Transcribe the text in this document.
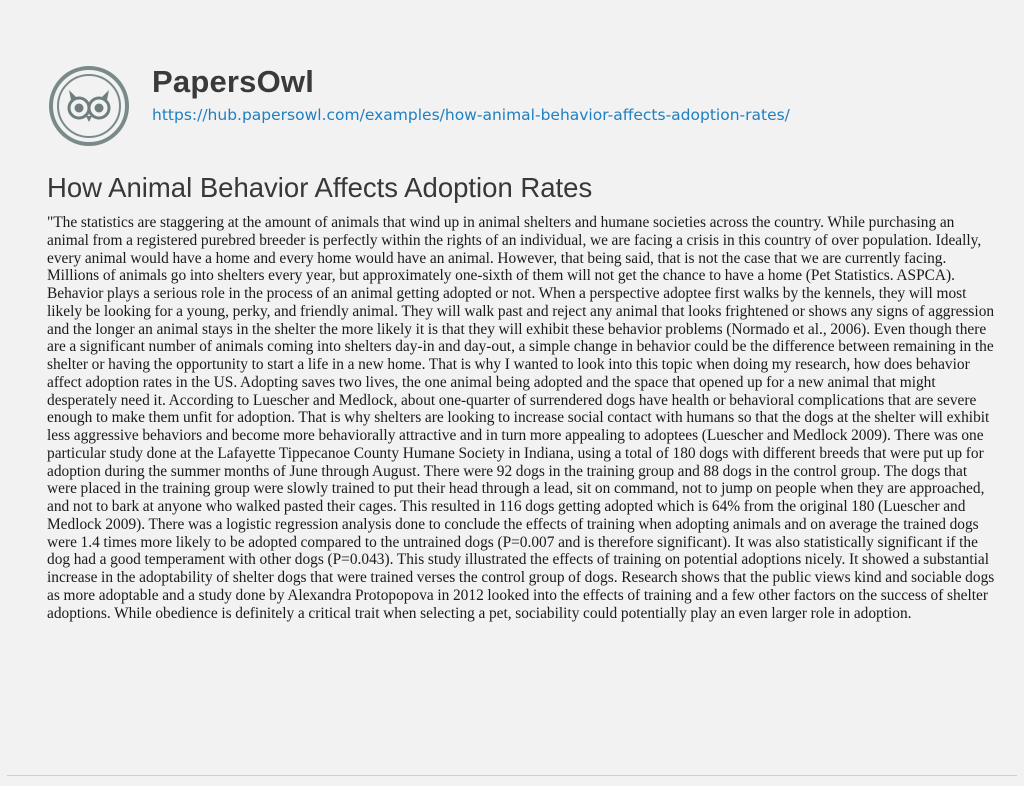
PapersOwl
https://hub.papersowl.com/examples/how-animal-behavior-affects-adoption-rates/
How Animal Behavior Affects Adoption Rates

"The statistics are staggering at the amount of animals that wind up in animal shelters and humane societies across the country. While purchasing an animal from a registered purebred breeder is perfectly within the rights of an individual, we are facing a crisis in this country of over population. Ideally, every animal would have a home and every home would have an animal. However, that being said, that is not the case that we are currently facing. Millions of animals go into shelters every year, but approximately one-sixth of them will not get the chance to have a home (Pet Statistics. ASPCA). Behavior plays a serious role in the process of an animal getting adopted or not. When a perspective adoptee first walks by the kennels, they will most likely be looking for a young, perky, and friendly animal. They will walk past and reject any animal that looks frightened or shows any signs of aggression and the longer an animal stays in the shelter the more likely it is that they will exhibit these behavior problems (Normado et al., 2006). Even though there are a significant number of animals coming into shelters day-in and day-out, a simple change in behavior could be the difference between remaining in the shelter or having the opportunity to start a life in a new home. That is why I wanted to look into this topic when doing my research, how does behavior affect adoption rates in the US. Adopting saves two lives, the one animal being adopted and the space that opened up for a new animal that might desperately need it. According to Luescher and Medlock, about one-quarter of surrendered dogs have health or behavioral complications that are severe enough to make them unfit for adoption. That is why shelters are looking to increase social contact with humans so that the dogs at the shelter will exhibit less aggressive behaviors and become more behaviorally attractive and in turn more appealing to adoptees (Luescher and Medlock 2009). There was one particular study done at the Lafayette Tippecanoe County Humane Society in Indiana, using a total of 180 dogs with different breeds that were put up for adoption during the summer months of June through August. There were 92 dogs in the training group and 88 dogs in the control group. The dogs that were placed in the training group were slowly trained to put their head through a lead, sit on command, not to jump on people when they are approached, and not to bark at anyone who walked pasted their cages. This resulted in 116 dogs getting adopted which is 64% from the original 180 (Luescher and Medlock 2009). There was a logistic regression analysis done to conclude the effects of training when adopting animals and on average the trained dogs were 1.4 times more likely to be adopted compared to the untrained dogs (P=0.007 and is therefore significant). It was also statistically significant if the dog had a good temperament with other dogs (P=0.043). This study illustrated the effects of training on potential adoptions nicely. It showed a substantial increase in the adoptability of shelter dogs that were trained verses the control group of dogs. Research shows that the public views kind and sociable dogs as more adoptable and a study done by Alexandra Protopopova in 2012 looked into the effects of training and a few other factors on the success of shelter adoptions. While obedience is definitely a critical trait when selecting a pet, sociability could potentially play an even larger role in adoption.
